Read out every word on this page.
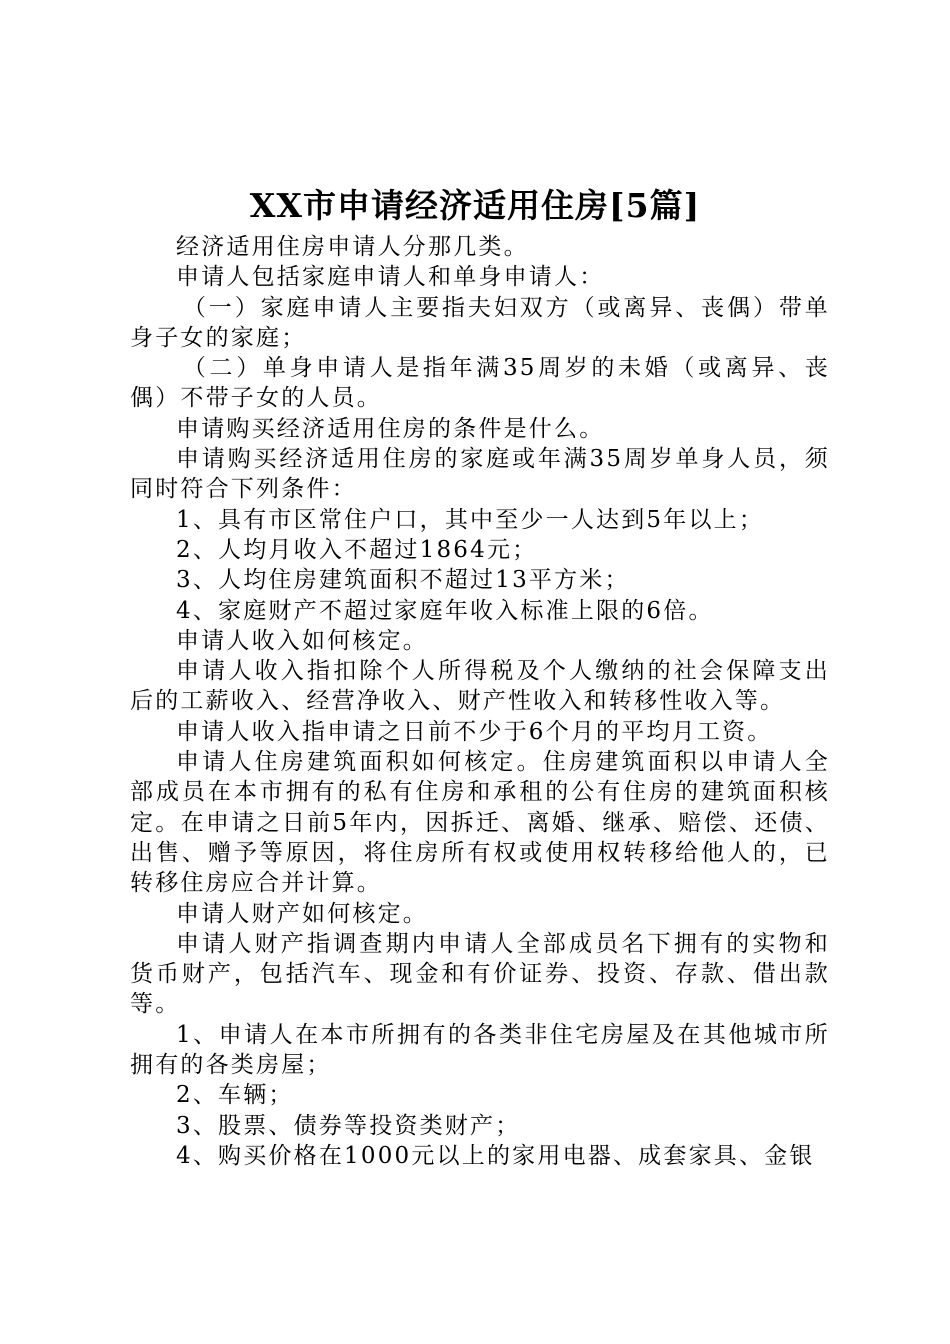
XX市申请经济适用住房[5篇]

经济适用住房申请人分那几类。

申请人包括家庭申请人和单身申请人：

（一）家庭申请人主要指夫妇双方（或离异、丧偶）带单身子女的家庭；

（二）单身申请人是指年满35周岁的未婚（或离异、丧偶）不带子女的人员。

申请购买经济适用住房的条件是什么。

申请购买经济适用住房的家庭或年满35周岁单身人员，须同时符合下列条件：

1、具有市区常住户口，其中至少一人达到5年以上；

2、人均月收入不超过1864元；

3、人均住房建筑面积不超过13平方米；

4、家庭财产不超过家庭年收入标准上限的6倍。

申请人收入如何核定。

申请人收入指扣除个人所得税及个人缴纳的社会保障支出后的工薪收入、经营净收入、财产性收入和转移性收入等。

申请人收入指申请之日前不少于6个月的平均月工资。

申请人住房建筑面积如何核定。住房建筑面积以申请人全部成员在本市拥有的私有住房和承租的公有住房的建筑面积核定。在申请之日前5年内，因拆迁、离婚、继承、赔偿、还债、出售、赠予等原因，将住房所有权或使用权转移给他人的，已转移住房应合并计算。

申请人财产如何核定。

申请人财产指调查期内申请人全部成员名下拥有的实物和货币财产，包括汽车、现金和有价证券、投资、存款、借出款等。

1、申请人在本市所拥有的各类非住宅房屋及在其他城市所拥有的各类房屋；

2、车辆；

3、股票、债券等投资类财产；

4、购买价格在1000元以上的家用电器、成套家具、金银
